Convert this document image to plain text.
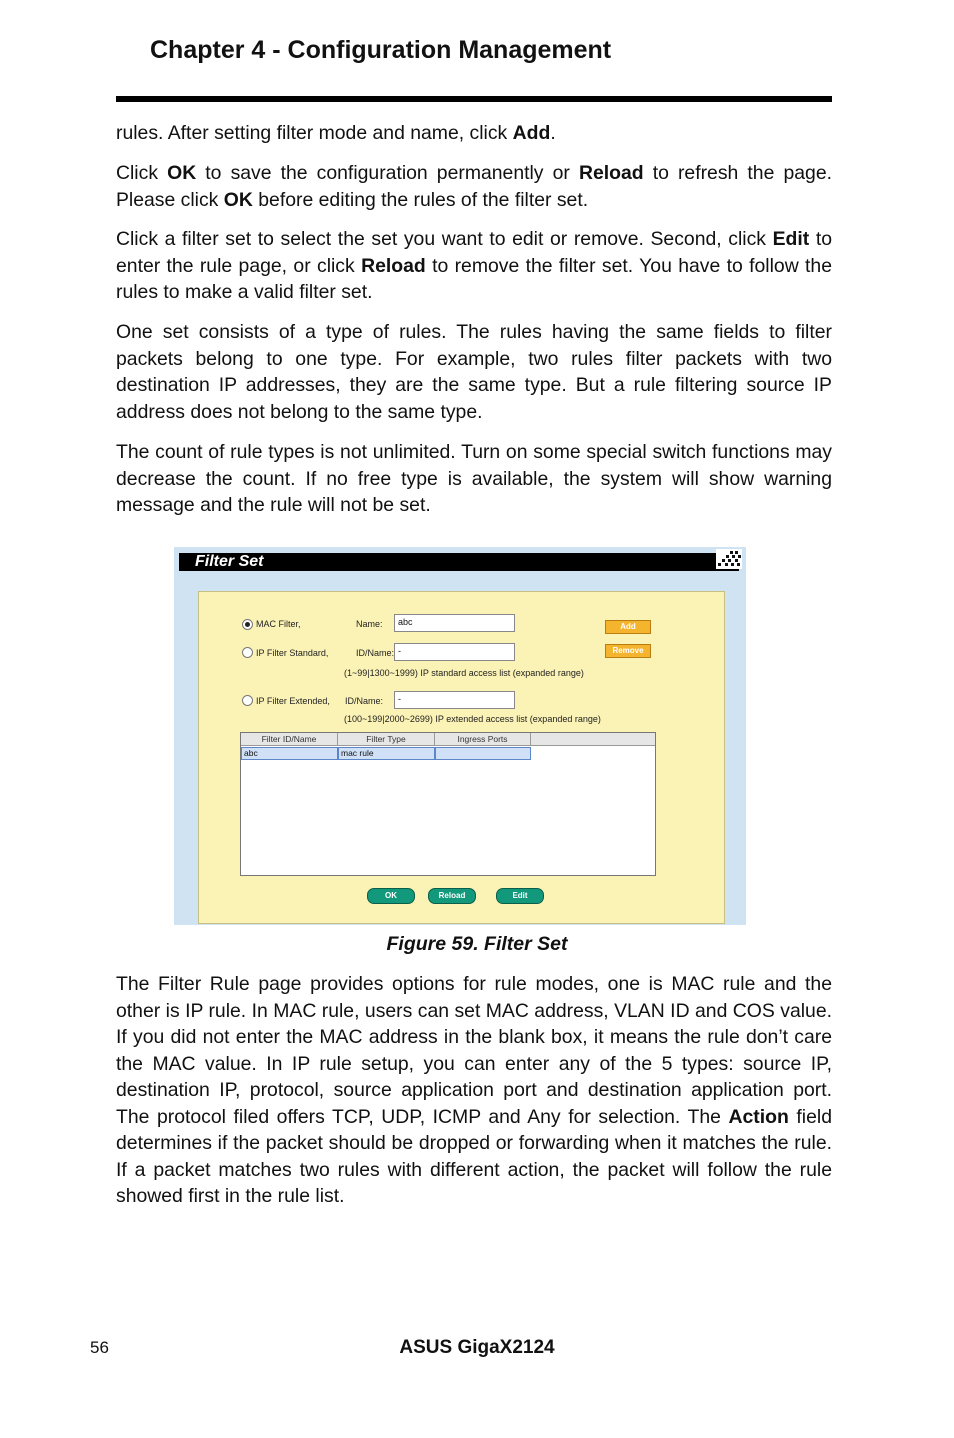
Chapter 4 - Configuration Management
rules. After setting filter mode and name, click Add.
Click OK to save the configuration permanently or Reload to refresh the page. Please click OK before editing the rules of the filter set.
Click a filter set to select the set you want to edit or remove. Second, click Edit to enter the rule page, or click Reload to remove the filter set. You have to follow the rules to make a valid filter set.
One set consists of a type of rules. The rules having the same fields to filter packets belong to one type. For example, two rules filter packets with two destination IP addresses, they are the same type. But a rule filtering source IP address does not belong to the same type.
The count of rule types is not unlimited. Turn on some special switch functions may decrease the count. If no free type is available, the system will show warning message and the rule will not be set.
Filter Set
MAC Filter,	Name:	abc	Add
IP Filter Standard,	ID/Name: -	Remove
(1~99|1300~1999) IP standard access list (expanded range)
IP Filter Extended, ID/Name:	-
(100~199|2000~2699) IP extended access list (expanded range)
Filter ID/Name	Filter Type	Ingress Ports
abc	mac rule
OK	Reload	Edit
Figure 59. Filter Set
The Filter Rule page provides options for rule modes, one is MAC rule and the other is IP rule. In MAC rule, users can set MAC address, VLAN ID and COS value. If you did not enter the MAC address in the blank box, it means the rule don’t care the MAC value. In IP rule setup, you can enter any of the 5 types: source IP, destination IP, protocol, source application port and destination application port. The protocol filed offers TCP, UDP, ICMP and Any for selection. The Action field determines if the packet should be dropped or forwarding when it matches the rule. If a packet matches two rules with different action, the packet will follow the rule showed first in the rule list.
56	ASUS GigaX2124
